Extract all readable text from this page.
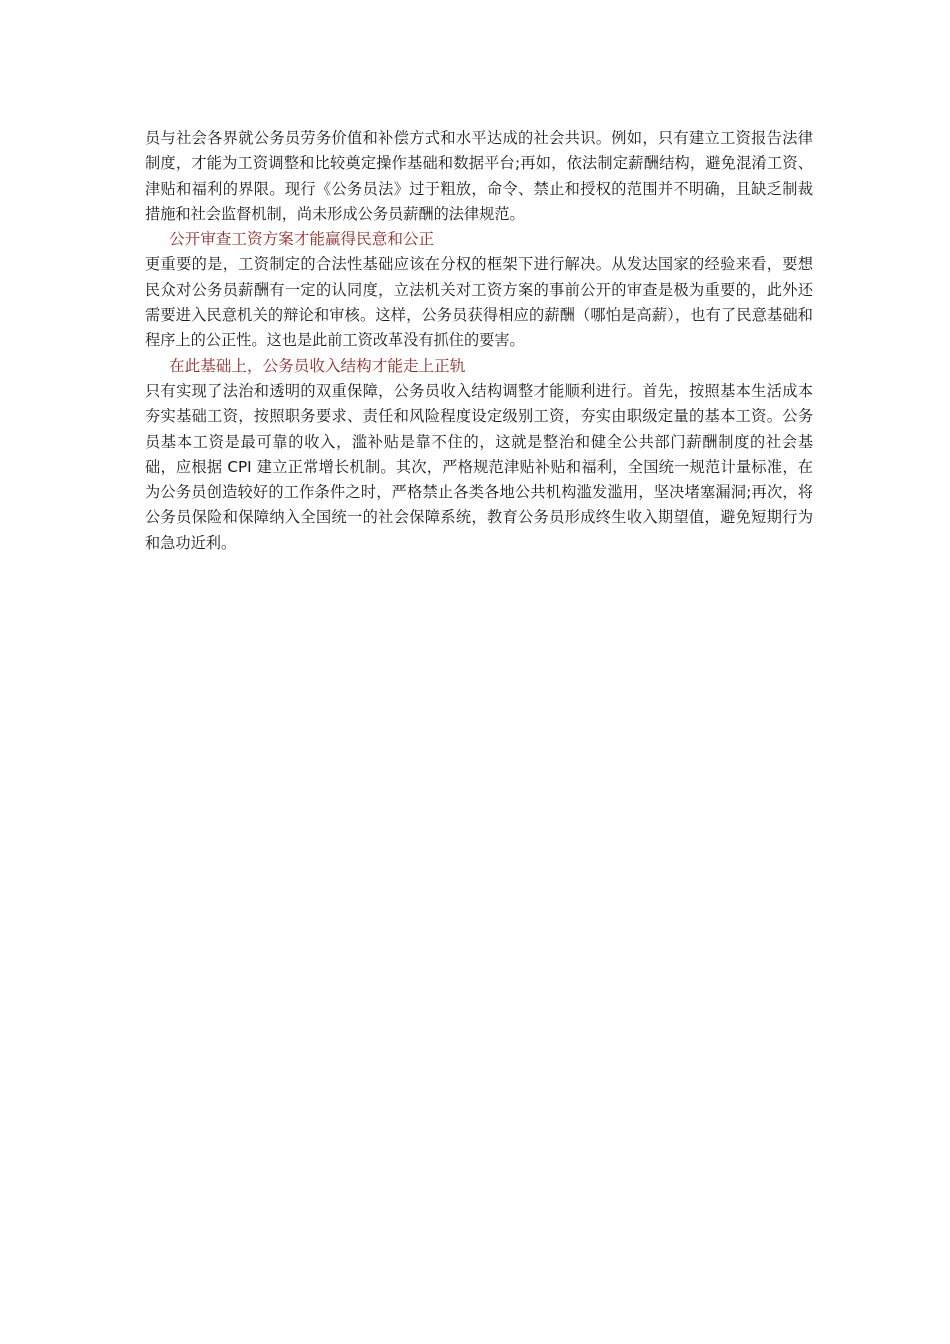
员与社会各界就公务员劳务价值和补偿方式和水平达成的社会共识。例如，只有建立工资报告法律制度，才能为工资调整和比较奠定操作基础和数据平台;再如，依法制定薪酬结构，避免混淆工资、津贴和福利的界限。现行《公务员法》过于粗放，命令、禁止和授权的范围并不明确，且缺乏制裁措施和社会监督机制，尚未形成公务员薪酬的法律规范。

公开审查工资方案才能赢得民意和公正

更重要的是，工资制定的合法性基础应该在分权的框架下进行解决。从发达国家的经验来看，要想民众对公务员薪酬有一定的认同度，立法机关对工资方案的事前公开的审查是极为重要的，此外还需要进入民意机关的辩论和审核。这样，公务员获得相应的薪酬（哪怕是高薪），也有了民意基础和程序上的公正性。这也是此前工资改革没有抓住的要害。

在此基础上，公务员收入结构才能走上正轨

只有实现了法治和透明的双重保障，公务员收入结构调整才能顺利进行。首先，按照基本生活成本夯实基础工资，按照职务要求、责任和风险程度设定级别工资，夯实由职级定量的基本工资。公务员基本工资是最可靠的收入，滥补贴是靠不住的，这就是整治和健全公共部门薪酬制度的社会基础，应根据 CPI 建立正常增长机制。其次，严格规范津贴补贴和福利，全国统一规范计量标准，在为公务员创造较好的工作条件之时，严格禁止各类各地公共机构滥发滥用，坚决堵塞漏洞;再次，将公务员保险和保障纳入全国统一的社会保障系统，教育公务员形成终生收入期望值，避免短期行为和急功近利。
